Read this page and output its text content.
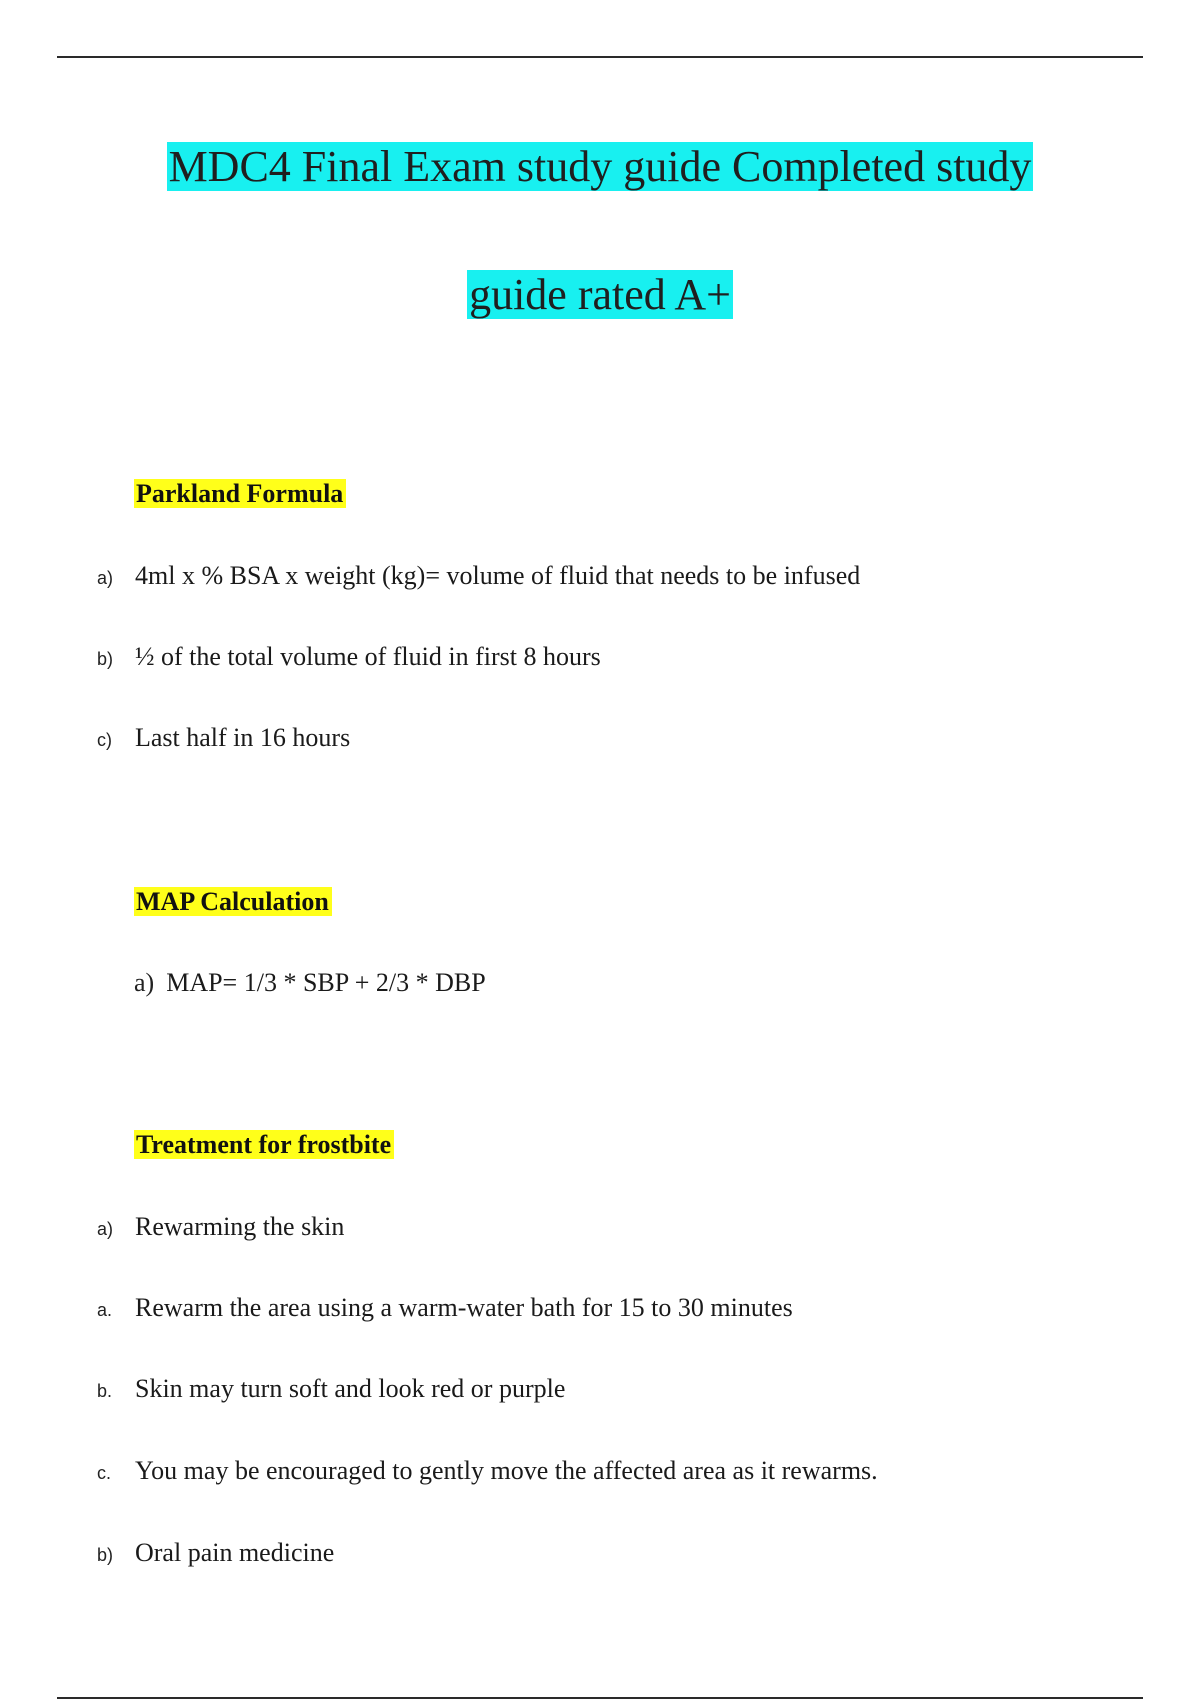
MDC4 Final Exam study guide Completed study
guide rated A+
Parkland Formula
a) 4ml x % BSA x weight (kg)= volume of fluid that needs to be infused
b) ½ of the total volume of fluid in first 8 hours
c) Last half in 16 hours
MAP Calculation
a) MAP= 1/3 * SBP + 2/3 * DBP
Treatment for frostbite
a) Rewarming the skin
a. Rewarm the area using a warm-water bath for 15 to 30 minutes
b. Skin may turn soft and look red or purple
c. You may be encouraged to gently move the affected area as it rewarms.
b) Oral pain medicine
